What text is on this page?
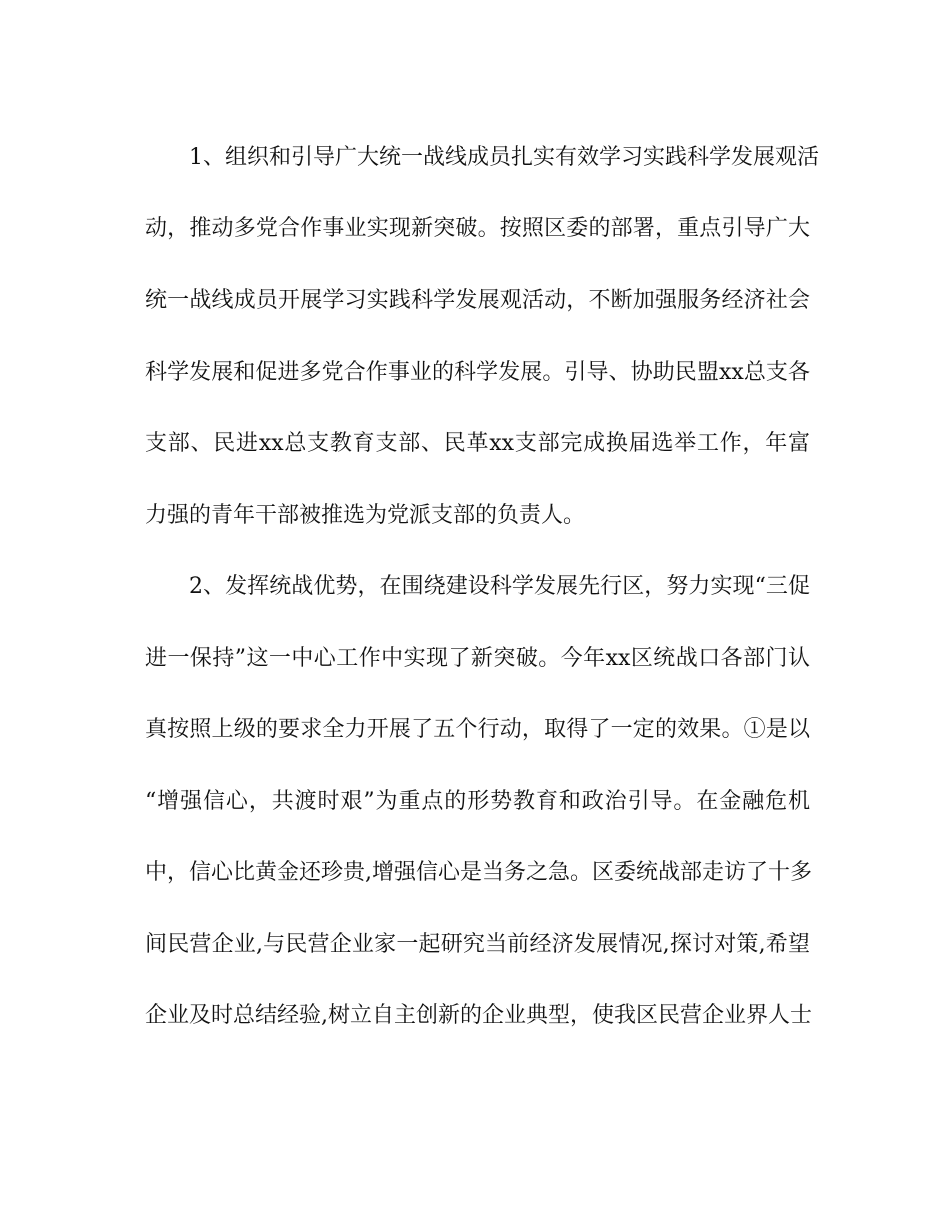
1、组织和引导广大统一战线成员扎实有效学习实践科学发展观活
动，推动多党合作事业实现新突破。按照区委的部署，重点引导广大
统一战线成员开展学习实践科学发展观活动，不断加强服务经济社会
科学发展和促进多党合作事业的科学发展。引导、协助民盟xx总支各
支部、民进xx总支教育支部、民革xx支部完成换届选举工作，年富
力强的青年干部被推选为党派支部的负责人。
2、发挥统战优势，在围绕建设科学发展先行区，努力实现“三促
进一保持”这一中心工作中实现了新突破。今年xx区统战口各部门认
真按照上级的要求全力开展了五个行动，取得了一定的效果。①是以
“增强信心，共渡时艰”为重点的形势教育和政治引导。在金融危机
中，信心比黄金还珍贵,增强信心是当务之急。区委统战部走访了十多
间民营企业,与民营企业家一起研究当前经济发展情况,探讨对策,希望
企业及时总结经验,树立自主创新的企业典型，使我区民营企业界人士
